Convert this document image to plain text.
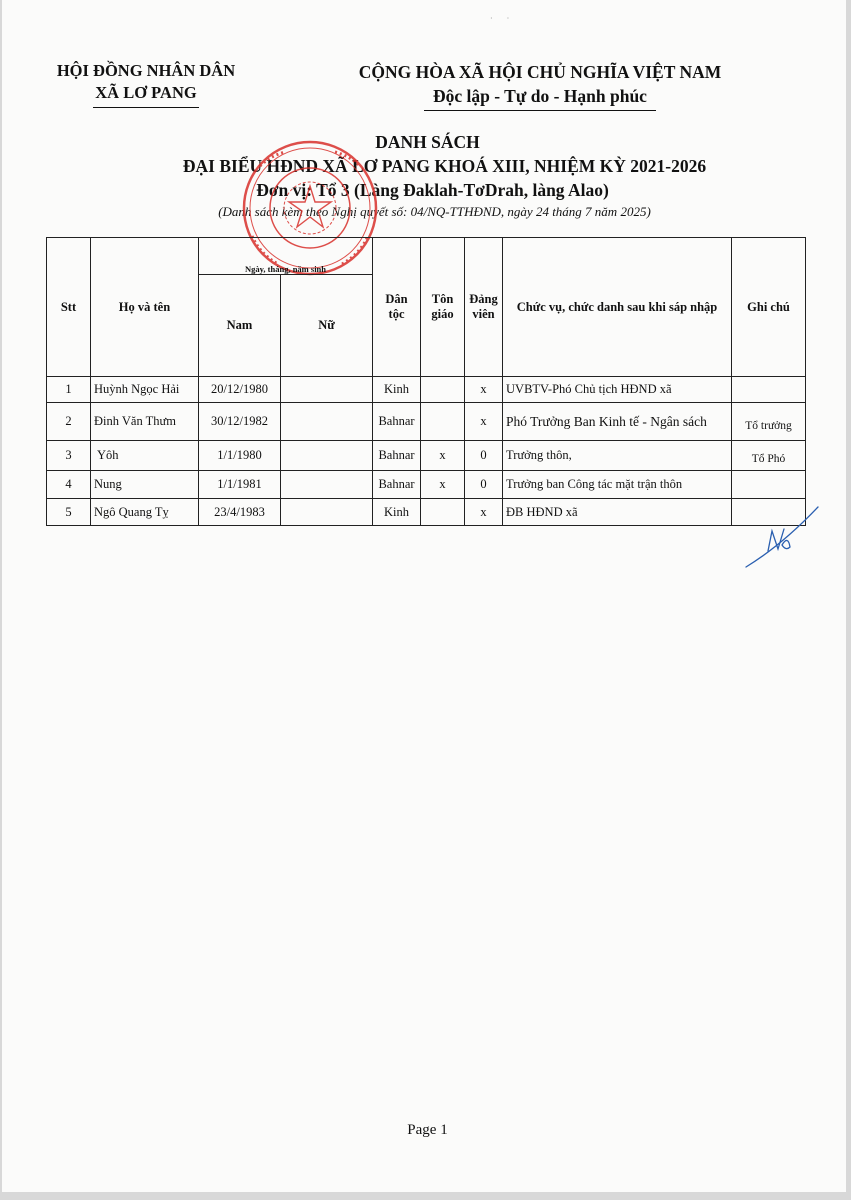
· ·
HỘI ĐỒNG NHÂN DÂN
XÃ LƠ PANG
CỘNG HÒA XÃ HỘI CHỦ NGHĨA VIỆT NAM
Độc lập - Tự do - Hạnh phúc
DANH SÁCH
ĐẠI BIỂU HĐND XÃ LƠ PANG KHOÁ XIII, NHIỆM KỲ 2021-2026
Đơn vị: Tổ 3 (Làng Đaklah-TơDrah, làng Alao)
(Danh sách kèm theo Nghị quyết số: 04/NQ-TTHĐND, ngày 24 tháng 7 năm 2025)
Stt	Họ và tên	Ngày, tháng, năm sinh		Dân tộc	Tôn giáo	Đảng viên	Chức vụ, chức danh sau khi sáp nhập	Ghi chú
		Nam	Nữ					
1	Huỳnh Ngọc Hải	20/12/1980		Kinh		x	UVBTV-Phó Chủ tịch HĐND xã	
2	Đinh Văn Thưm	30/12/1982		Bahnar		x	Phó Trưởng Ban Kinh tế - Ngân sách	Tổ trưởng
3	Yôh	1/1/1980		Bahnar	x	0	Trưởng thôn,	Tổ Phó
4	Nung	1/1/1981		Bahnar	x	0	Trưởng ban Công tác mặt trận thôn	
5	Ngô Quang Tỵ	23/4/1983		Kinh		x	ĐB HĐND xã	
Page 1
